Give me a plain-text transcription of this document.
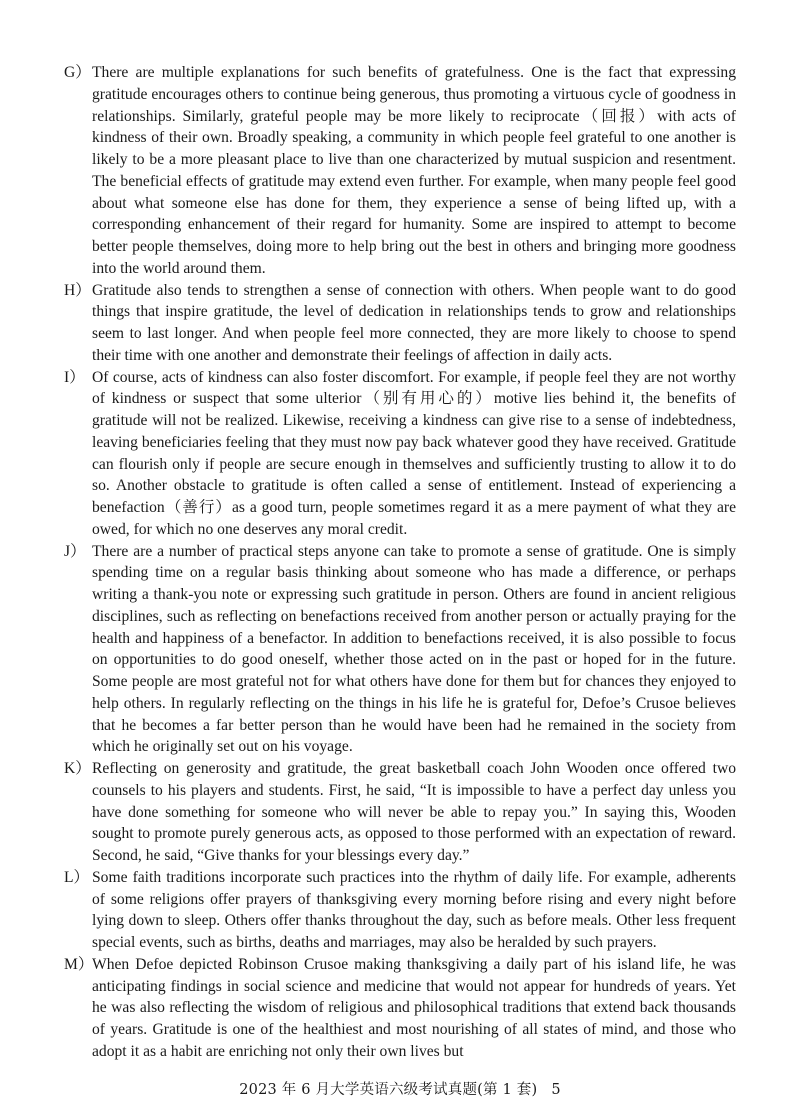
G） There are multiple explanations for such benefits of gratefulness. One is the fact that expressing gratitude encourages others to continue being generous, thus promoting a virtuous cycle of goodness in relationships. Similarly, grateful people may be more likely to reciprocate（回报）with acts of kindness of their own. Broadly speaking, a community in which people feel grateful to one another is likely to be a more pleasant place to live than one characterized by mutual suspicion and resentment. The beneficial effects of gratitude may extend even further. For example, when many people feel good about what someone else has done for them, they experience a sense of being lifted up, with a corresponding enhancement of their regard for humanity. Some are inspired to attempt to become better people themselves, doing more to help bring out the best in others and bringing more goodness into the world around them.

H） Gratitude also tends to strengthen a sense of connection with others. When people want to do good things that inspire gratitude, the level of dedication in relationships tends to grow and relationships seem to last longer. And when people feel more connected, they are more likely to choose to spend their time with one another and demonstrate their feelings of affection in daily acts.

I） Of course, acts of kindness can also foster discomfort. For example, if people feel they are not worthy of kindness or suspect that some ulterior（别有用心的）motive lies behind it, the benefits of gratitude will not be realized. Likewise, receiving a kindness can give rise to a sense of indebtedness, leaving beneficiaries feeling that they must now pay back whatever good they have received. Gratitude can flourish only if people are secure enough in themselves and sufficiently trusting to allow it to do so. Another obstacle to gratitude is often called a sense of entitlement. Instead of experiencing a benefaction（善行）as a good turn, people sometimes regard it as a mere payment of what they are owed, for which no one deserves any moral credit.

J） There are a number of practical steps anyone can take to promote a sense of gratitude. One is simply spending time on a regular basis thinking about someone who has made a difference, or perhaps writing a thank-you note or expressing such gratitude in person. Others are found in ancient religious disciplines, such as reflecting on benefactions received from another person or actually praying for the health and happiness of a benefactor. In addition to benefactions received, it is also possible to focus on opportunities to do good oneself, whether those acted on in the past or hoped for in the future. Some people are most grateful not for what others have done for them but for chances they enjoyed to help others. In regularly reflecting on the things in his life he is grateful for, Defoe’s Crusoe believes that he becomes a far better person than he would have been had he remained in the society from which he originally set out on his voyage.

K） Reflecting on generosity and gratitude, the great basketball coach John Wooden once offered two counsels to his players and students. First, he said, “It is impossible to have a perfect day unless you have done something for someone who will never be able to repay you.” In saying this, Wooden sought to promote purely generous acts, as opposed to those performed with an expectation of reward. Second, he said, “Give thanks for your blessings every day.”

L） Some faith traditions incorporate such practices into the rhythm of daily life. For example, adherents of some religions offer prayers of thanksgiving every morning before rising and every night before lying down to sleep. Others offer thanks throughout the day, such as before meals. Other less frequent special events, such as births, deaths and marriages, may also be heralded by such prayers.

M）
When Defoe depicted Robinson Crusoe making thanksgiving a daily part of his island life, he was anticipating findings in social science and medicine that would not appear for hundreds of years. Yet he was also reflecting the wisdom of religious and philosophical traditions that extend back thousands of years. Gratitude is one of the healthiest and most nourishing of all states of mind, and those who adopt it as a habit are enriching not only their own lives but

2023 年 6 月大学英语六级考试真题(第 1 套) 5
